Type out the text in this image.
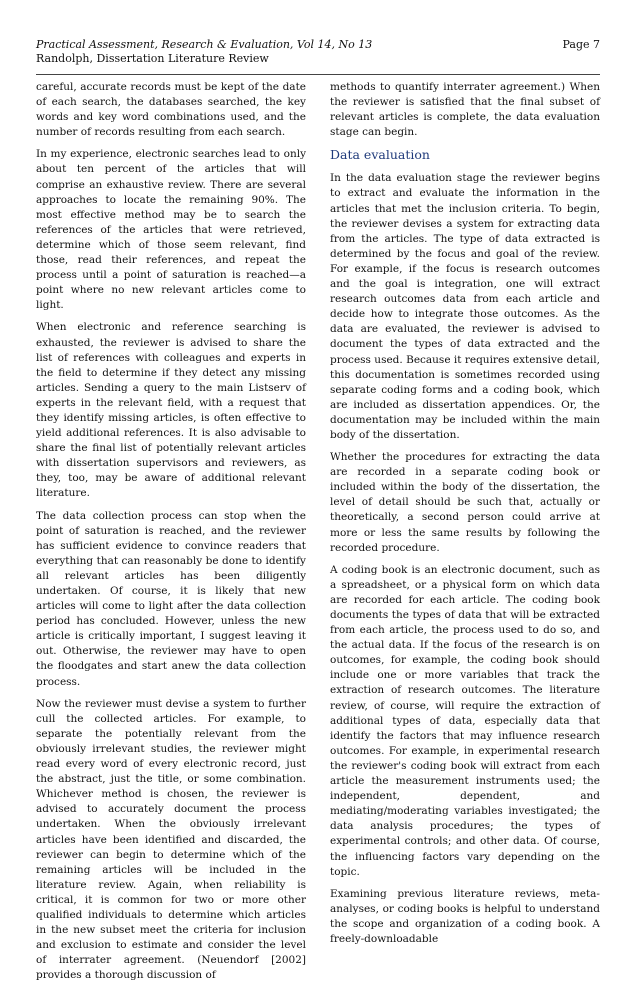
Practical Assessment, Research & Evaluation, Vol 14, No 13
Randolph, Dissertation Literature Review
Page 7

careful, accurate records must be kept of the date of each search, the databases searched, the key words and key word combinations used, and the number of records resulting from each search.

In my experience, electronic searches lead to only about ten percent of the articles that will comprise an exhaustive review. There are several approaches to locate the remaining 90%. The most effective method may be to search the references of the articles that were retrieved, determine which of those seem relevant, find those, read their references, and repeat the process until a point of saturation is reached—a point where no new relevant articles come to light.

When electronic and reference searching is exhausted, the reviewer is advised to share the list of references with colleagues and experts in the field to determine if they detect any missing articles. Sending a query to the main Listserv of experts in the relevant field, with a request that they identify missing articles, is often effective to yield additional references. It is also advisable to share the final list of potentially relevant articles with dissertation supervisors and reviewers, as they, too, may be aware of additional relevant literature.

The data collection process can stop when the point of saturation is reached, and the reviewer has sufficient evidence to convince readers that everything that can reasonably be done to identify all relevant articles has been diligently undertaken. Of course, it is likely that new articles will come to light after the data collection period has concluded. However, unless the new article is critically important, I suggest leaving it out. Otherwise, the reviewer may have to open the floodgates and start anew the data collection process.

Now the reviewer must devise a system to further cull the collected articles. For example, to separate the potentially relevant from the obviously irrelevant studies, the reviewer might read every word of every electronic record, just the abstract, just the title, or some combination. Whichever method is chosen, the reviewer is advised to accurately document the process undertaken. When the obviously irrelevant articles have been identified and discarded, the reviewer can begin to determine which of the remaining articles will be included in the literature review. Again, when reliability is critical, it is common for two or more other qualified individuals to determine which articles in the new subset meet the criteria for inclusion and exclusion to estimate and consider the level of interrater agreement. (Neuendorf [2002] provides a thorough discussion of

methods to quantify interrater agreement.) When the reviewer is satisfied that the final subset of relevant articles is complete, the data evaluation stage can begin.

Data evaluation

In the data evaluation stage the reviewer begins to extract and evaluate the information in the articles that met the inclusion criteria. To begin, the reviewer devises a system for extracting data from the articles. The type of data extracted is determined by the focus and goal of the review. For example, if the focus is research outcomes and the goal is integration, one will extract research outcomes data from each article and decide how to integrate those outcomes. As the data are evaluated, the reviewer is advised to document the types of data extracted and the process used. Because it requires extensive detail, this documentation is sometimes recorded using separate coding forms and a coding book, which are included as dissertation appendices. Or, the documentation may be included within the main body of the dissertation.

Whether the procedures for extracting the data are recorded in a separate coding book or included within the body of the dissertation, the level of detail should be such that, actually or theoretically, a second person could arrive at more or less the same results by following the recorded procedure.

A coding book is an electronic document, such as a spreadsheet, or a physical form on which data are recorded for each article. The coding book documents the types of data that will be extracted from each article, the process used to do so, and the actual data. If the focus of the research is on outcomes, for example, the coding book should include one or more variables that track the extraction of research outcomes. The literature review, of course, will require the extraction of additional types of data, especially data that identify the factors that may influence research outcomes. For example, in experimental research the reviewer's coding book will extract from each article the measurement instruments used; the independent, dependent, and mediating/moderating variables investigated; the data analysis procedures; the types of experimental controls; and other data. Of course, the influencing factors vary depending on the topic.

Examining previous literature reviews, meta-analyses, or coding books is helpful to understand the scope and organization of a coding book. A freely-downloadable
